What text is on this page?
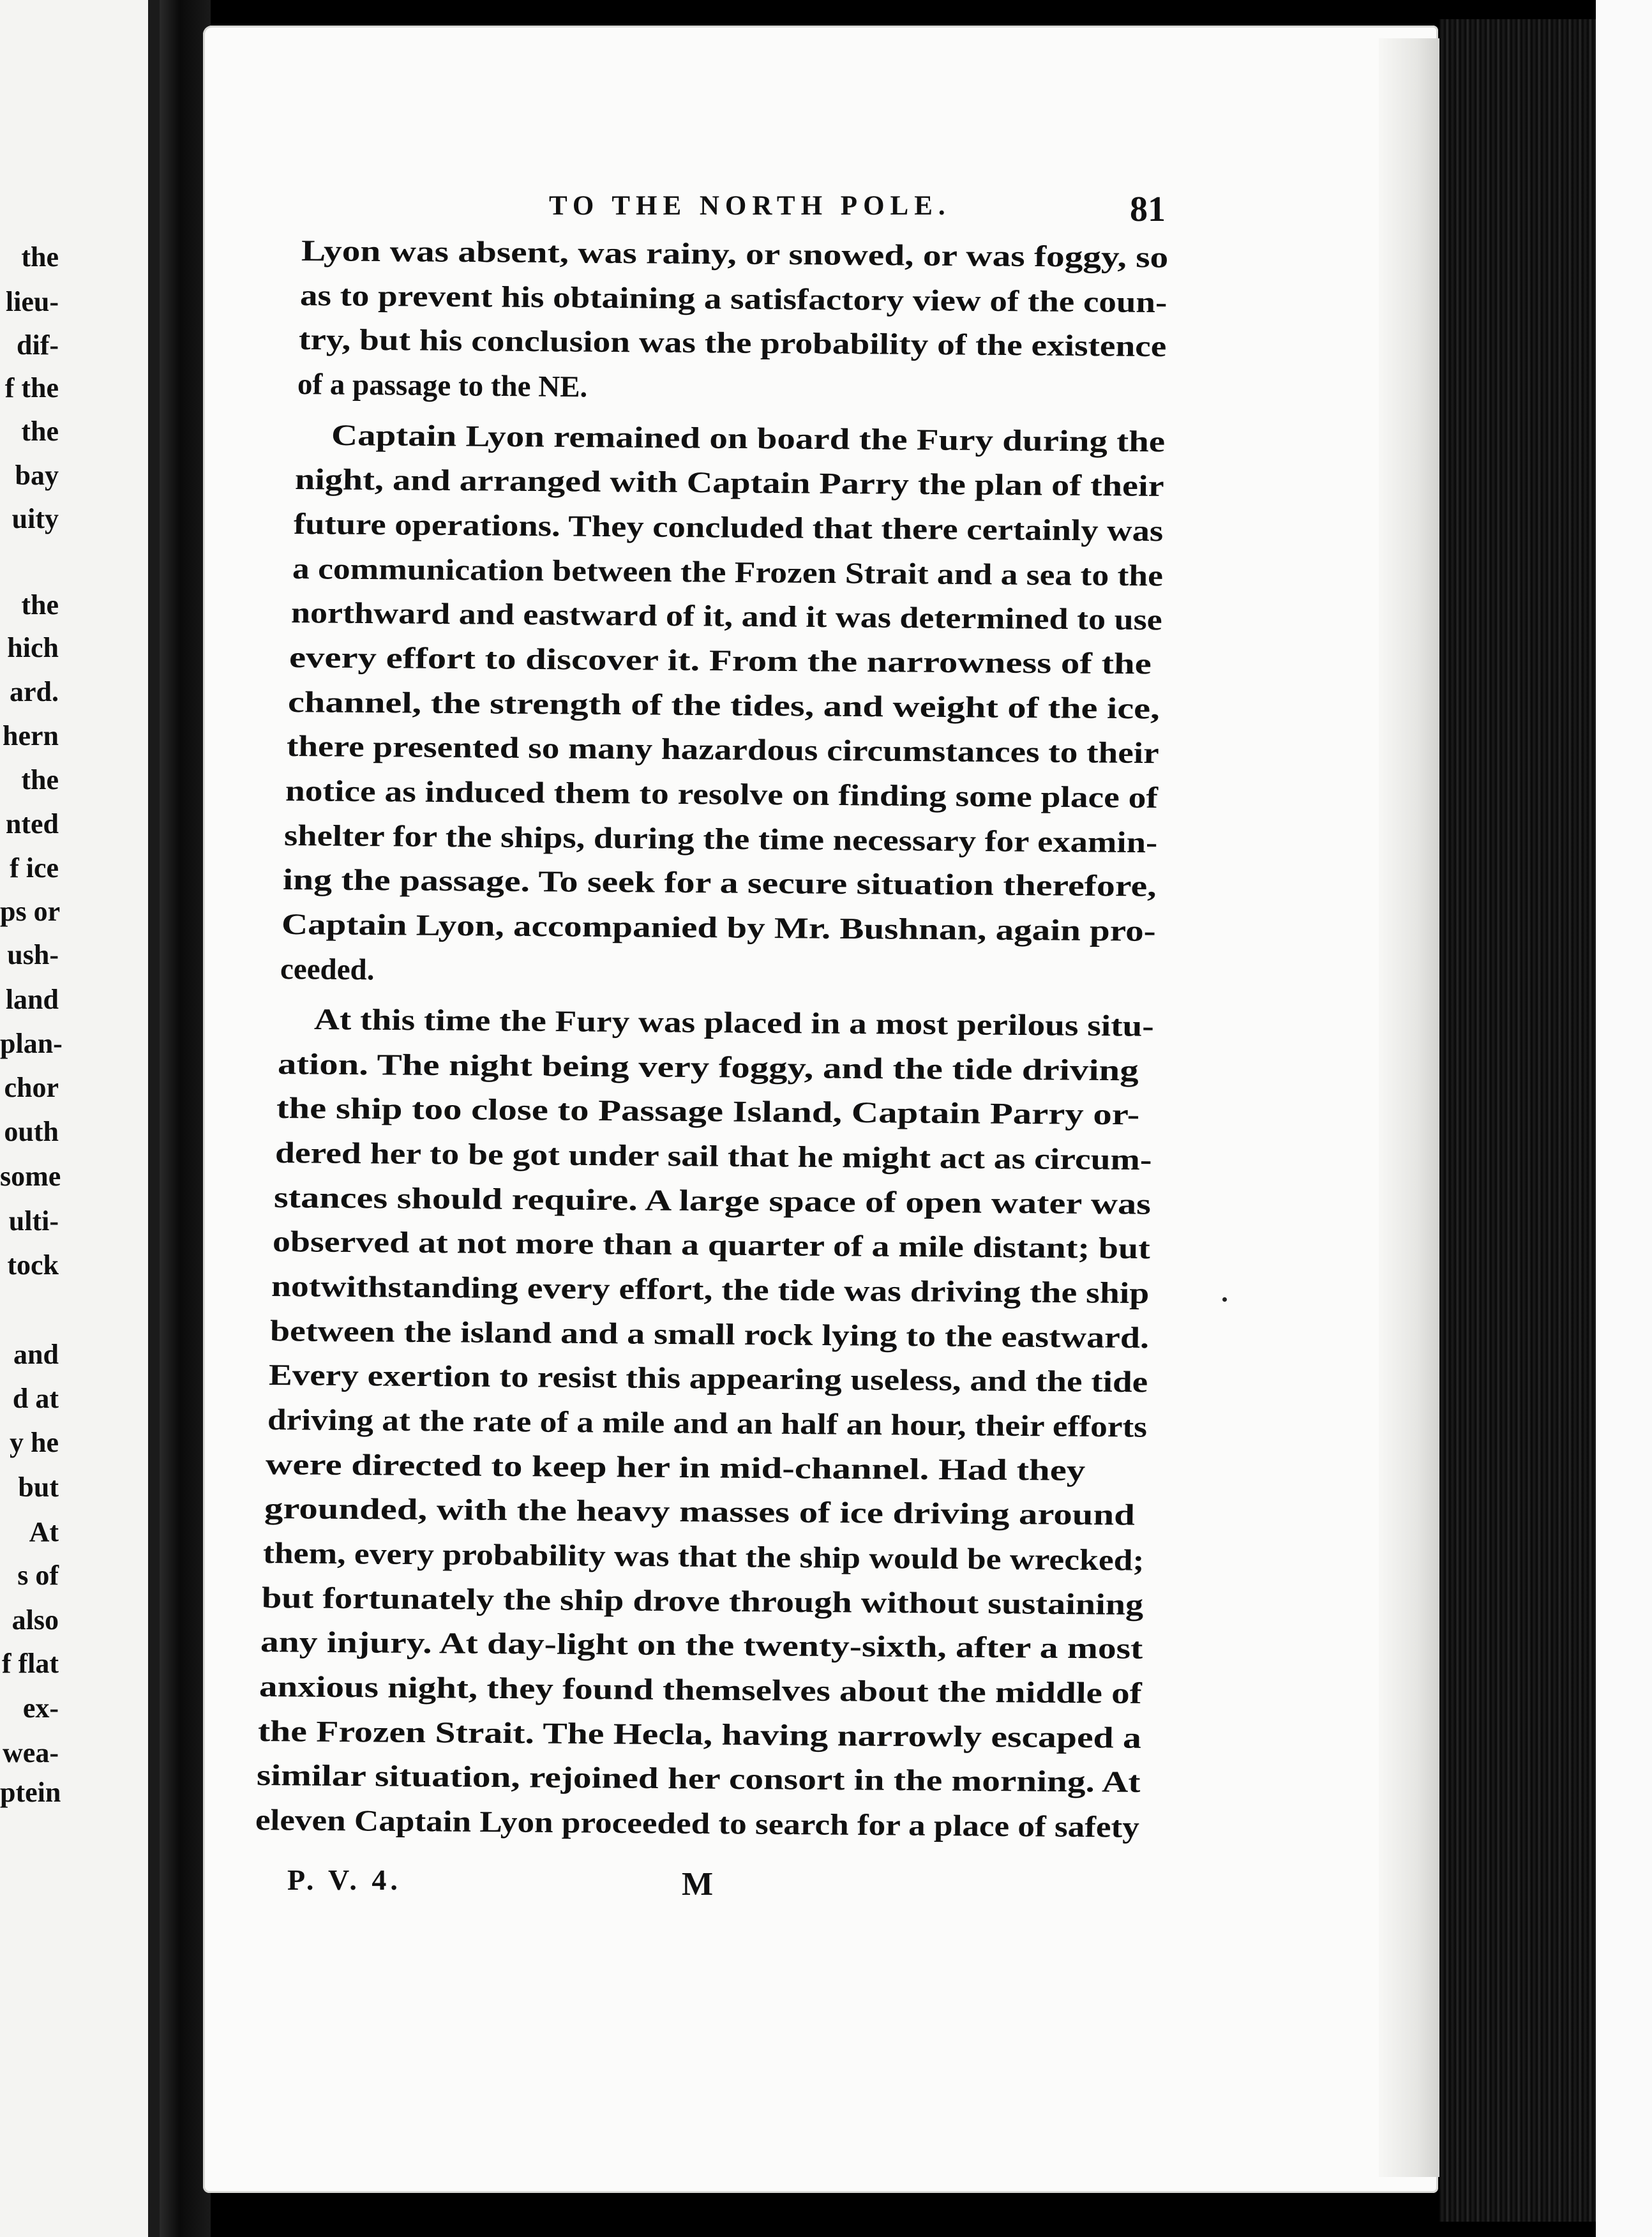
TO THE NORTH POLE.	81
the
lieu-
dif-
f the
the
bay
uity
the
hich
ard.
hern
the
nted
f ice
ps or
ush-
land
plan-
chor
outh
some
ulti-
tock
and
d at
y he
but
At
s of
also
f flat
ex-
wea-
ptein
Lyon was absent, was rainy, or snowed, or was foggy, so
as to prevent his obtaining a satisfactory view of the coun-
try, but his conclusion was the probability of the existence
of a passage to the NE.
Captain Lyon remained on board the Fury during the
night, and arranged with Captain Parry the plan of their
future operations. They concluded that there certainly was
a communication between the Frozen Strait and a sea to the
northward and eastward of it, and it was determined to use
every effort to discover it. From the narrowness of the
channel, the strength of the tides, and weight of the ice,
there presented so many hazardous circumstances to their
notice as induced them to resolve on finding some place of
shelter for the ships, during the time necessary for examin-
ing the passage. To seek for a secure situation therefore,
Captain Lyon, accompanied by Mr. Bushnan, again pro-
ceeded.
At this time the Fury was placed in a most perilous situ-
ation. The night being very foggy, and the tide driving
the ship too close to Passage Island, Captain Parry or-
dered her to be got under sail that he might act as circum-
stances should require. A large space of open water was
observed at not more than a quarter of a mile distant; but
notwithstanding every effort, the tide was driving the ship
between the island and a small rock lying to the eastward.
Every exertion to resist this appearing useless, and the tide
driving at the rate of a mile and an half an hour, their efforts
were directed to keep her in mid-channel. Had they
grounded, with the heavy masses of ice driving around
them, every probability was that the ship would be wrecked;
but fortunately the ship drove through without sustaining
any injury. At day-light on the twenty-sixth, after a most
anxious night, they found themselves about the middle of
the Frozen Strait. The Hecla, having narrowly escaped a
similar situation, rejoined her consort in the morning. At
eleven Captain Lyon proceeded to search for a place of safety
P. V. 4.	M
